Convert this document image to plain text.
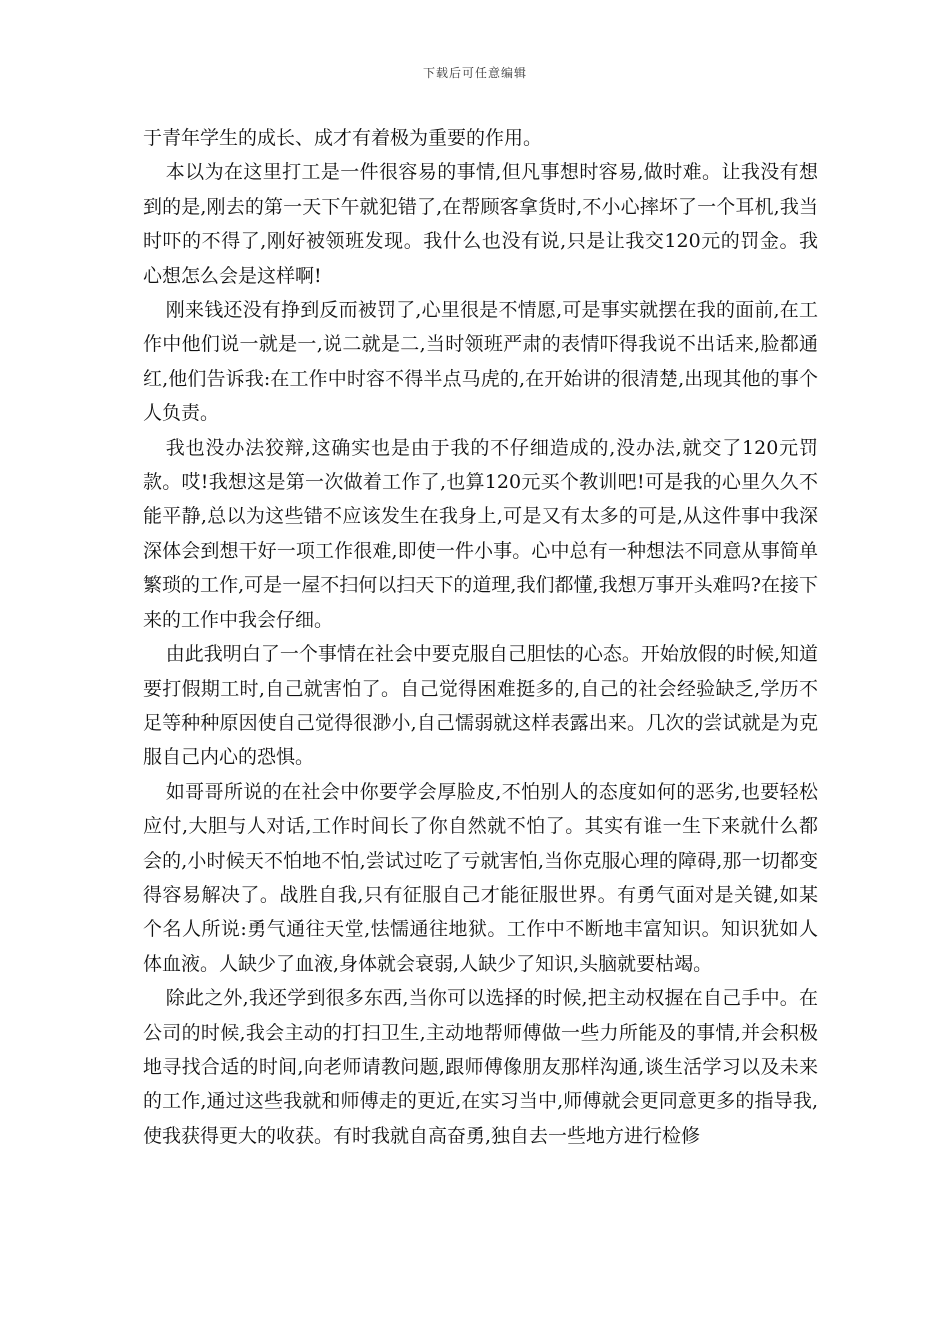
下载后可任意编辑

于青年学生的成长、成才有着极为重要的作用。

本以为在这里打工是一件很容易的事情,但凡事想时容易,做时难。让我没有想到的是,刚去的第一天下午就犯错了,在帮顾客拿货时,不小心摔坏了一个耳机,我当时吓的不得了,刚好被领班发现。我什么也没有说,只是让我交120元的罚金。我心想怎么会是这样啊!

刚来钱还没有挣到反而被罚了,心里很是不情愿,可是事实就摆在我的面前,在工作中他们说一就是一,说二就是二,当时领班严肃的表情吓得我说不出话来,脸都通红,他们告诉我:在工作中时容不得半点马虎的,在开始讲的很清楚,出现其他的事个人负责。

我也没办法狡辩,这确实也是由于我的不仔细造成的,没办法,就交了120元罚款。哎!我想这是第一次做着工作了,也算120元买个教训吧!可是我的心里久久不能平静,总以为这些错不应该发生在我身上,可是又有太多的可是,从这件事中我深深体会到想干好一项工作很难,即使一件小事。心中总有一种想法不同意从事简单繁琐的工作,可是一屋不扫何以扫天下的道理,我们都懂,我想万事开头难吗?在接下来的工作中我会仔细。

由此我明白了一个事情在社会中要克服自己胆怯的心态。开始放假的时候,知道要打假期工时,自己就害怕了。自己觉得困难挺多的,自己的社会经验缺乏,学历不足等种种原因使自己觉得很渺小,自己懦弱就这样表露出来。几次的尝试就是为克服自己内心的恐惧。

如哥哥所说的在社会中你要学会厚脸皮,不怕别人的态度如何的恶劣,也要轻松应付,大胆与人对话,工作时间长了你自然就不怕了。其实有谁一生下来就什么都会的,小时候天不怕地不怕,尝试过吃了亏就害怕,当你克服心理的障碍,那一切都变得容易解决了。战胜自我,只有征服自己才能征服世界。有勇气面对是关键,如某个名人所说:勇气通往天堂,怯懦通往地狱。工作中不断地丰富知识。知识犹如人体血液。人缺少了血液,身体就会衰弱,人缺少了知识,头脑就要枯竭。

除此之外,我还学到很多东西,当你可以选择的时候,把主动权握在自己手中。在公司的时候,我会主动的打扫卫生,主动地帮师傅做一些力所能及的事情,并会积极地寻找合适的时间,向老师请教问题,跟师傅像朋友那样沟通,谈生活学习以及未来的工作,通过这些我就和师傅走的更近,在实习当中,师傅就会更同意更多的指导我,使我获得更大的收获。有时我就自高奋勇,独自去一些地方进行检修
